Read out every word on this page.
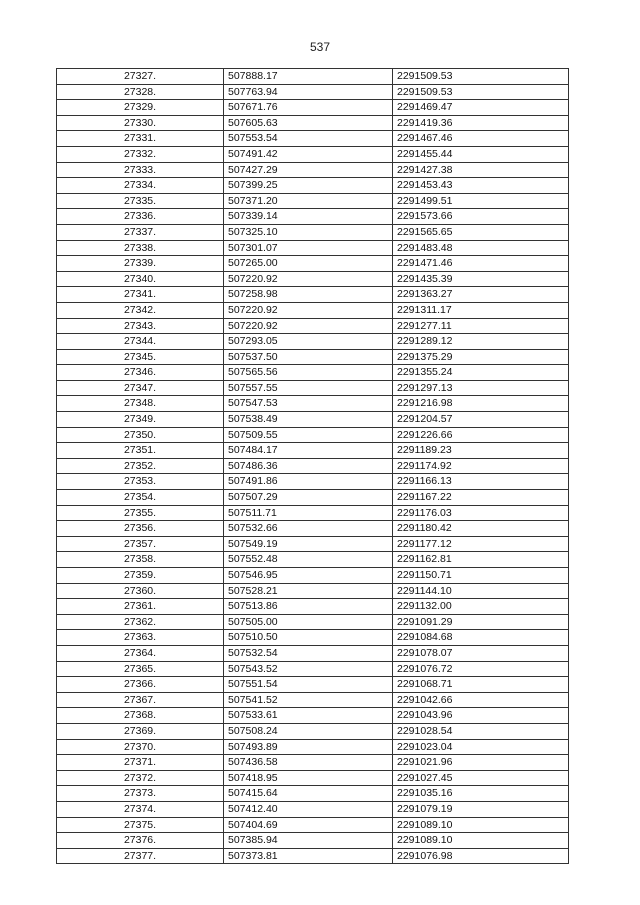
537
27327.	507888.17	2291509.53
27328.	507763.94	2291509.53
27329.	507671.76	2291469.47
27330.	507605.63	2291419.36
27331.	507553.54	2291467.46
27332.	507491.42	2291455.44
27333.	507427.29	2291427.38
27334.	507399.25	2291453.43
27335.	507371.20	2291499.51
27336.	507339.14	2291573.66
27337.	507325.10	2291565.65
27338.	507301.07	2291483.48
27339.	507265.00	2291471.46
27340.	507220.92	2291435.39
27341.	507258.98	2291363.27
27342.	507220.92	2291311.17
27343.	507220.92	2291277.11
27344.	507293.05	2291289.12
27345.	507537.50	2291375.29
27346.	507565.56	2291355.24
27347.	507557.55	2291297.13
27348.	507547.53	2291216.98
27349.	507538.49	2291204.57
27350.	507509.55	2291226.66
27351.	507484.17	2291189.23
27352.	507486.36	2291174.92
27353.	507491.86	2291166.13
27354.	507507.29	2291167.22
27355.	507511.71	2291176.03
27356.	507532.66	2291180.42
27357.	507549.19	2291177.12
27358.	507552.48	2291162.81
27359.	507546.95	2291150.71
27360.	507528.21	2291144.10
27361.	507513.86	2291132.00
27362.	507505.00	2291091.29
27363.	507510.50	2291084.68
27364.	507532.54	2291078.07
27365.	507543.52	2291076.72
27366.	507551.54	2291068.71
27367.	507541.52	2291042.66
27368.	507533.61	2291043.96
27369.	507508.24	2291028.54
27370.	507493.89	2291023.04
27371.	507436.58	2291021.96
27372.	507418.95	2291027.45
27373.	507415.64	2291035.16
27374.	507412.40	2291079.19
27375.	507404.69	2291089.10
27376.	507385.94	2291089.10
27377.	507373.81	2291076.98
